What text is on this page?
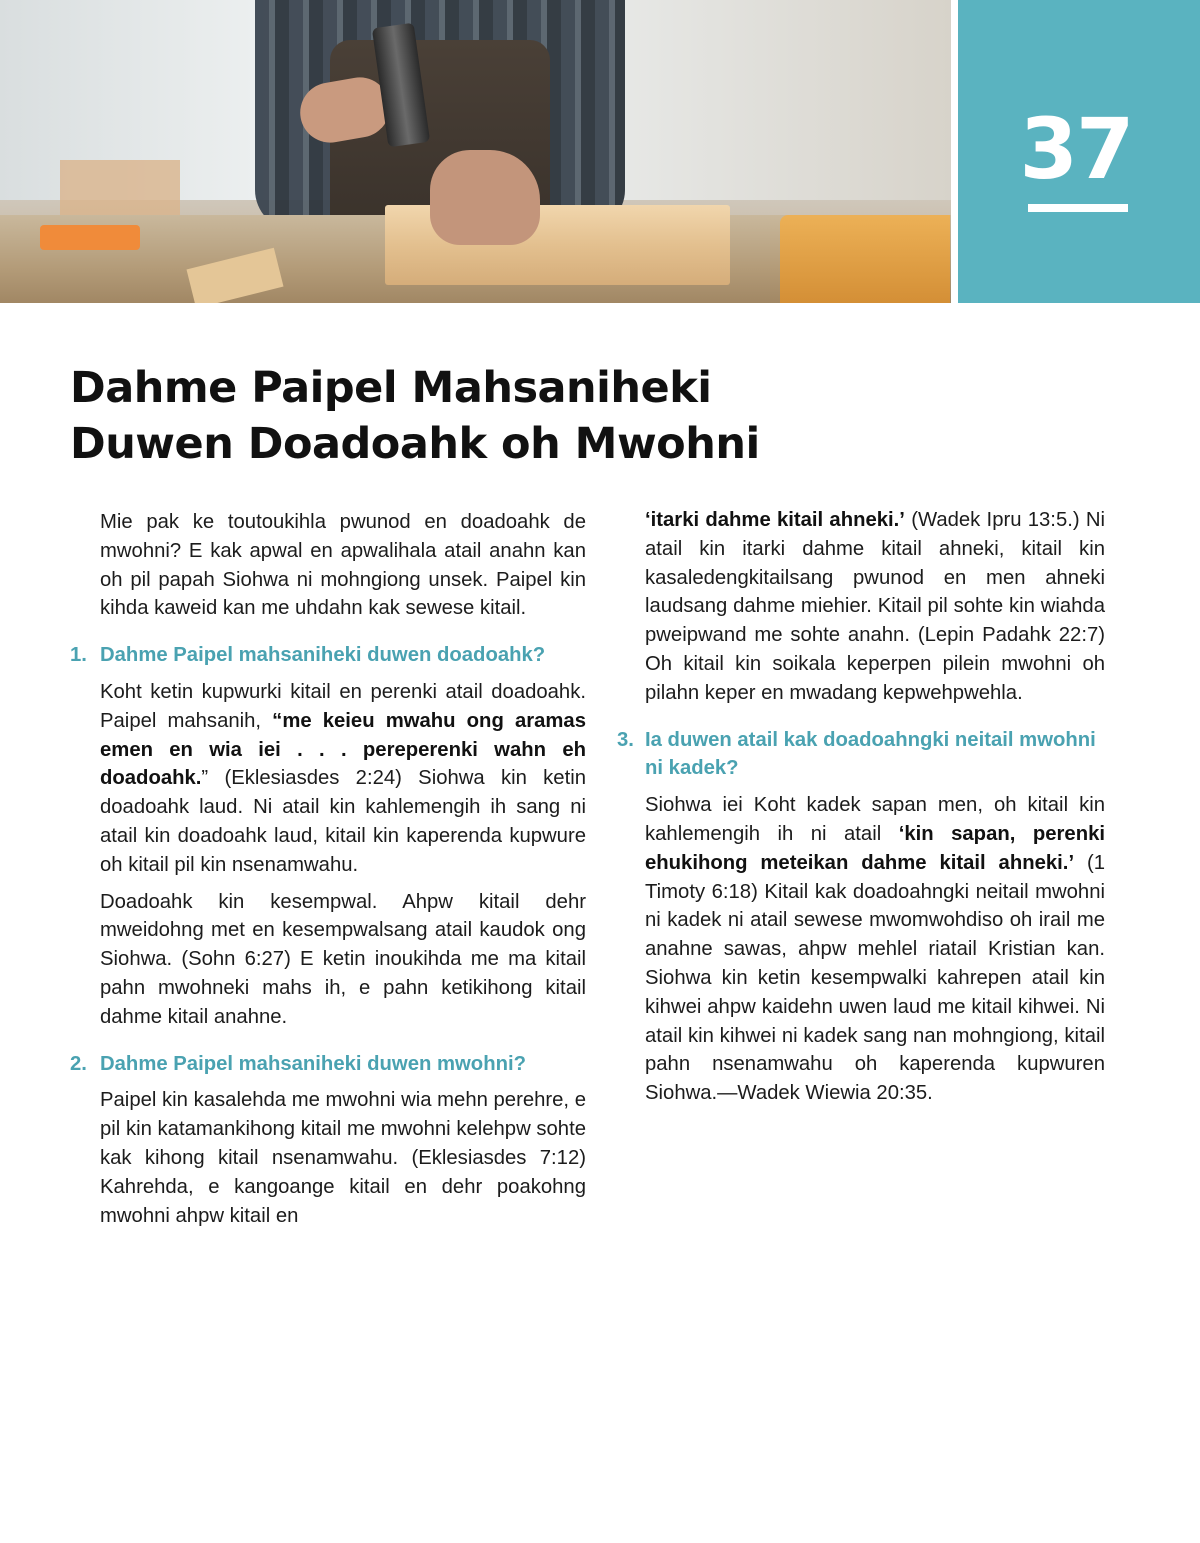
37
Dahme Paipel Mahsaniheki
Duwen Doadoahk oh Mwohni

Mie pak ke toutoukihla pwunod en doadoahk de mwohni? E kak apwal en apwalihala atail anahn kan oh pil papah Siohwa ni mohngiong unsek. Paipel kin kihda kaweid kan me uhdahn kak sewese kitail.

1. Dahme Paipel mahsaniheki duwen doadoahk?

Koht ketin kupwurki kitail en perenki atail doadoahk. Paipel mahsanih, “me keieu mwahu ong aramas emen en wia iei . . . pereperenki wahn eh doadoahk.” (Eklesiasdes 2:24) Siohwa kin ketin doadoahk laud. Ni atail kin kahlemengih ih sang ni atail kin doadoahk laud, kitail kin kaperenda kupwure oh kitail pil kin nsenamwahu.

Doadoahk kin kesempwal. Ahpw kitail dehr mweidohng met en kesempwalsang atail kaudok ong Siohwa. (Sohn 6:27) E ketin inoukihda me ma kitail pahn mwohneki mahs ih, e pahn ketikihong kitail dahme kitail anahne.

2. Dahme Paipel mahsaniheki duwen mwohni?

Paipel kin kasalehda me mwohni wia mehn perehre, e pil kin katamankihong kitail me mwohni kelehpw sohte kak kihong kitail nsenamwahu. (Eklesiasdes 7:12) Kahrehda, e kangoange kitail en dehr poakohng mwohni ahpw kitail en

‘itarki dahme kitail ahneki.’ (Wadek Ipru 13:5.) Ni atail kin itarki dahme kitail ahneki, kitail kin kasaledengkitailsang pwunod en men ahneki laudsang dahme miehier. Kitail pil sohte kin wiahda pweipwand me sohte anahn. (Lepin Padahk 22:7) Oh kitail kin soikala keperpen pilein mwohni oh pilahn keper en mwadang kepwehpwehla.

3. Ia duwen atail kak doadoahngki neitail mwohni ni kadek?

Siohwa iei Koht kadek sapan men, oh kitail kin kahlemengih ih ni atail ‘kin sapan, perenki ehukihong meteikan dahme kitail ahneki.’ (1 Timoty 6:18) Kitail kak doadoahngki neitail mwohni ni kadek ni atail sewese mwomwohdiso oh irail me anahne sawas, ahpw mehlel riatail Kristian kan. Siohwa kin ketin kesempwalki kahrepen atail kin kihwei ahpw kaidehn uwen laud me kitail kihwei. Ni atail kin kihwei ni kadek sang nan mohngiong, kitail pahn nsenamwahu oh kaperenda kupwuren Siohwa.—Wadek Wiewia 20:35.
